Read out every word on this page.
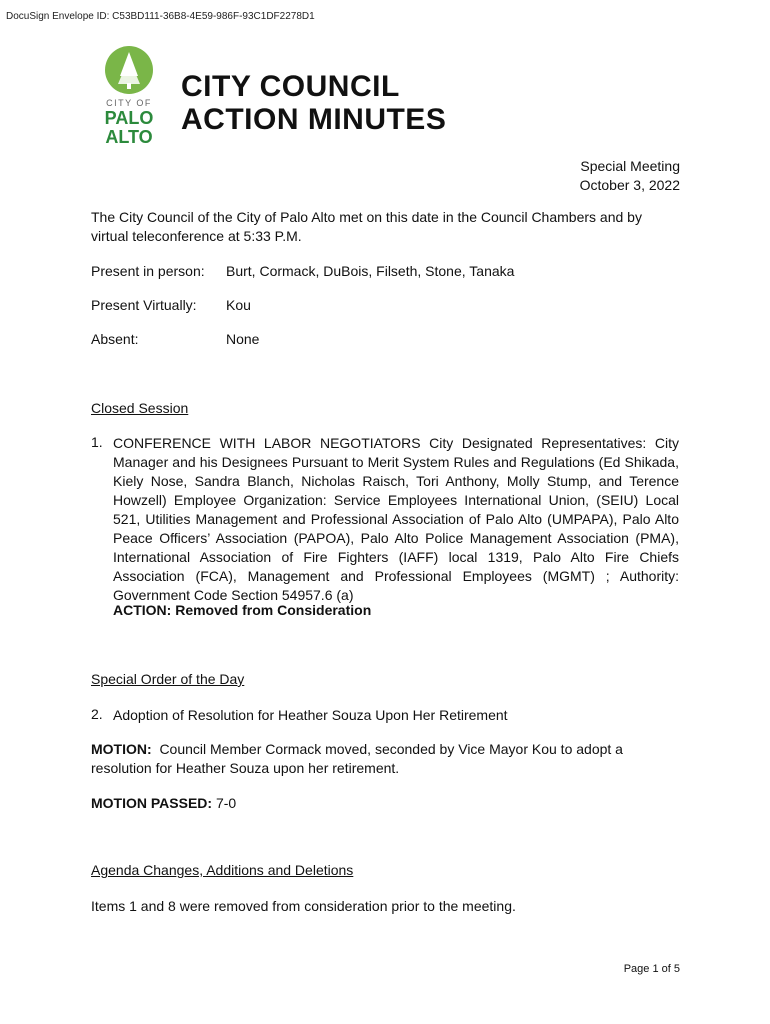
DocuSign Envelope ID: C53BD111-36B8-4E59-986F-93C1DF2278D1
CITY OF
PALO
ALTO
CITY COUNCIL
ACTION MINUTES
Special Meeting
October 3, 2022
The City Council of the City of Palo Alto met on this date in the Council Chambers and by virtual teleconference at 5:33 P.M.
Present in person: Burt, Cormack, DuBois, Filseth, Stone, Tanaka
Present Virtually: Kou
Absent:	None
Closed Session
1. CONFERENCE WITH LABOR NEGOTIATORS City Designated Representatives: City Manager and his Designees Pursuant to Merit System Rules and Regulations (Ed Shikada, Kiely Nose, Sandra Blanch, Nicholas Raisch, Tori Anthony, Molly Stump, and Terence Howzell) Employee Organization: Service Employees International Union, (SEIU) Local 521, Utilities Management and Professional Association of Palo Alto (UMPAPA), Palo Alto Peace Officers’ Association (PAPOA), Palo Alto Police Management Association (PMA), International Association of Fire Fighters (IAFF) local 1319, Palo Alto Fire Chiefs Association (FCA), Management and Professional Employees (MGMT) ; Authority: Government Code Section 54957.6 (a)
ACTION: Removed from Consideration
Special Order of the Day
2. Adoption of Resolution for Heather Souza Upon Her Retirement
MOTION: Council Member Cormack moved, seconded by Vice Mayor Kou to adopt a resolution for Heather Souza upon her retirement.
MOTION PASSED: 7-0
Agenda Changes, Additions and Deletions
Items 1 and 8 were removed from consideration prior to the meeting.
Page 1 of 5
